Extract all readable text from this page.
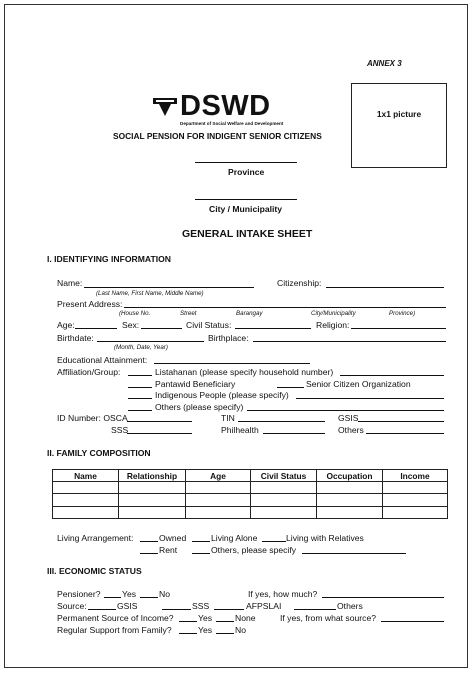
ANNEX 3
1x1 picture
DSWD
Department of Social Welfare and Development
SOCIAL PENSION FOR INDIGENT SENIOR CITIZENS
Province
City / Municipality
GENERAL INTAKE SHEET
I. IDENTIFYING INFORMATION
Name:	Citizenship:
(Last Name, First Name, Middle Name)
Present Address:
(House No.	Street	Barangay	City/Municipality	Province)
Age:	Sex:	Civil Status:	Religion:
Birthdate:	Birthplace:
(Month, Date, Year)
Educational Attainment:
Affiliation/Group:	Listahanan (please specify household number)
Pantawid Beneficiary	Senior Citizen Organization
Indigenous People (please specify)
Others (please specify)
ID Number: OSCA	TIN	GSIS
SSS	Philhealth	Others
II. FAMILY COMPOSITION
Name	Relationship	Age	Civil Status	Occupation	Income

Living Arrangement:	Owned	Living Alone	Living with Relatives
Rent	Others, please specify
III. ECONOMIC STATUS
Pensioner?	Yes	No	If yes, how much?
Source:	GSIS	SSS	AFPSLAI	Others
Permanent Source of Income?	Yes	None	If yes, from what source?
Regular Support from Family?	Yes	No
